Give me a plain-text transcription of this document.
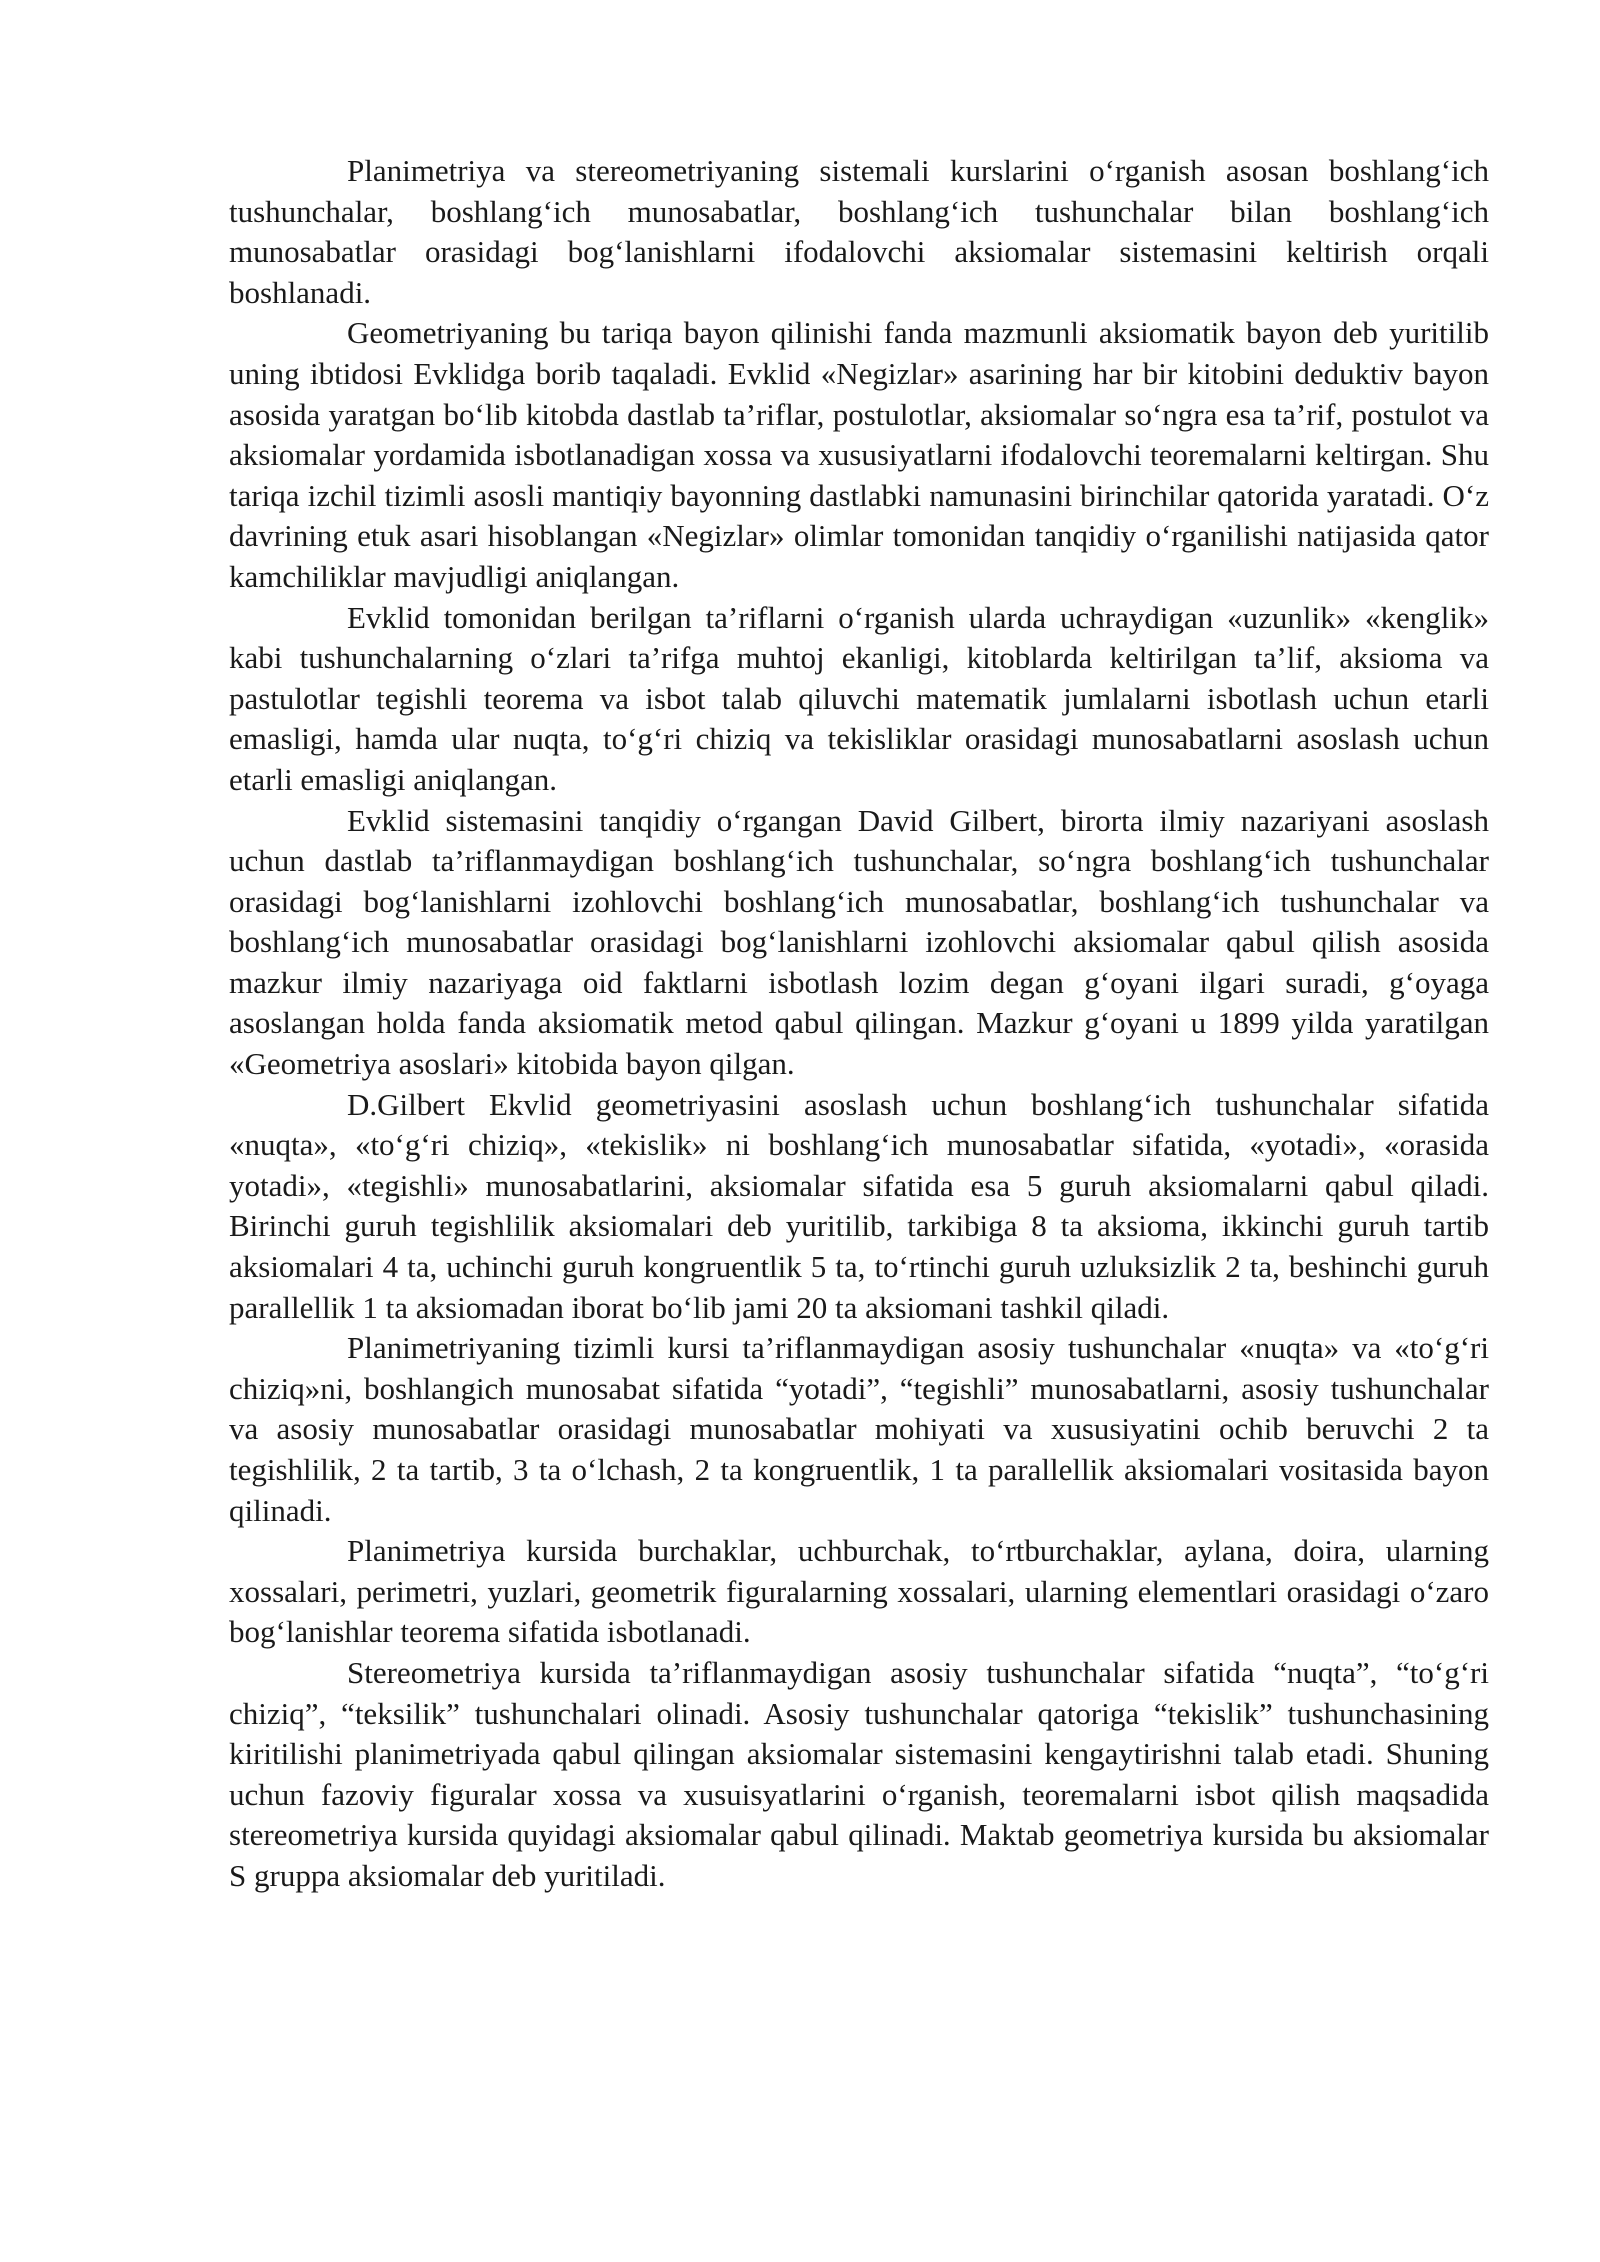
Planimetriya va stereometriyaning sistemali kurslarini o‘rganish asosan boshlang‘ich tushunchalar, boshlang‘ich munosabatlar, boshlang‘ich tushunchalar bilan boshlang‘ich munosabatlar orasidagi bog‘lanishlarni ifodalovchi aksiomalar sistemasini keltirish orqali boshlanadi.

Geometriyaning bu tariqa bayon qilinishi fanda mazmunli aksiomatik bayon deb yuritilib uning ibtidosi Evklidga borib taqaladi. Evklid «Negizlar» asarining har bir kitobini deduktiv bayon asosida yaratgan bo‘lib kitobda dastlab ta’riflar, postulotlar, aksiomalar so‘ngra esa ta’rif, postulot va aksiomalar yordamida isbotlanadigan xossa va xususiyatlarni ifodalovchi teoremalarni keltirgan. Shu tariqa izchil tizimli asosli mantiqiy bayonning dastlabki namunasini birinchilar qatorida yaratadi. O‘z davrining etuk asari hisoblangan «Negizlar» olimlar tomonidan tanqidiy o‘rganilishi natijasida qator kamchiliklar mavjudligi aniqlangan.

Evklid tomonidan berilgan ta’riflarni o‘rganish ularda uchraydigan «uzunlik» «kenglik» kabi tushunchalarning o‘zlari ta’rifga muhtoj ekanligi, kitoblarda keltirilgan ta’lif, aksioma va pastulotlar tegishli teorema va isbot talab qiluvchi matematik jumlalarni isbotlash uchun etarli emasligi, hamda ular nuqta, to‘g‘ri chiziq va tekisliklar orasidagi munosabatlarni asoslash uchun etarli emasligi aniqlangan.

Evklid sistemasini tanqidiy o‘rgangan David Gilbert, birorta ilmiy nazariyani asoslash uchun dastlab ta’riflanmaydigan boshlang‘ich tushunchalar, so‘ngra boshlang‘ich tushunchalar orasidagi bog‘lanishlarni izohlovchi boshlang‘ich munosabatlar, boshlang‘ich tushunchalar va boshlang‘ich munosabatlar orasidagi bog‘lanishlarni izohlovchi aksiomalar qabul qilish asosida mazkur ilmiy nazariyaga oid faktlarni isbotlash lozim degan g‘oyani ilgari suradi, g‘oyaga asoslangan holda fanda aksiomatik metod qabul qilingan. Mazkur g‘oyani u 1899 yilda yaratilgan «Geometriya asoslari» kitobida bayon qilgan.

D.Gilbert Ekvlid geometriyasini asoslash uchun boshlang‘ich tushunchalar sifatida «nuqta», «to‘g‘ri chiziq», «tekislik» ni boshlang‘ich munosabatlar sifatida, «yotadi», «orasida yotadi», «tegishli» munosabatlarini, aksiomalar sifatida esa 5 guruh aksiomalarni qabul qiladi. Birinchi guruh tegishlilik aksiomalari deb yuritilib, tarkibiga 8 ta aksioma, ikkinchi guruh tartib aksiomalari 4 ta, uchinchi guruh kongruentlik 5 ta, to‘rtinchi guruh uzluksizlik 2 ta, beshinchi guruh parallellik 1 ta aksiomadan iborat bo‘lib jami 20 ta aksiomani tashkil qiladi.

Planimetriyaning tizimli kursi ta’riflanmaydigan asosiy tushunchalar «nuqta» va «to‘g‘ri chiziq»ni, boshlangich munosabat sifatida “yotadi”, “tegishli” munosabatlarni, asosiy tushunchalar va asosiy munosabatlar orasidagi munosabatlar mohiyati va xususiyatini ochib beruvchi 2 ta tegishlilik, 2 ta tartib, 3 ta o‘lchash, 2 ta kongruentlik, 1 ta parallellik aksiomalari vositasida bayon qilinadi.

Planimetriya kursida burchaklar, uchburchak, to‘rtburchaklar, aylana, doira, ularning xossalari, perimetri, yuzlari, geometrik figuralarning xossalari, ularning elementlari orasidagi o‘zaro bog‘lanishlar teorema sifatida isbotlanadi.

Stereometriya kursida ta’riflanmaydigan asosiy tushunchalar sifatida “nuqta”, “to‘g‘ri chiziq”, “teksilik” tushunchalari olinadi. Asosiy tushunchalar qatoriga “tekislik” tushunchasining kiritilishi planimetriyada qabul qilingan aksiomalar sistemasini kengaytirishni talab etadi. Shuning uchun fazoviy figuralar xossa va xusuisyatlarini o‘rganish, teoremalarni isbot qilish maqsadida stereometriya kursida quyidagi aksiomalar qabul qilinadi. Maktab geometriya kursida bu aksiomalar S gruppa aksiomalar deb yuritiladi.
